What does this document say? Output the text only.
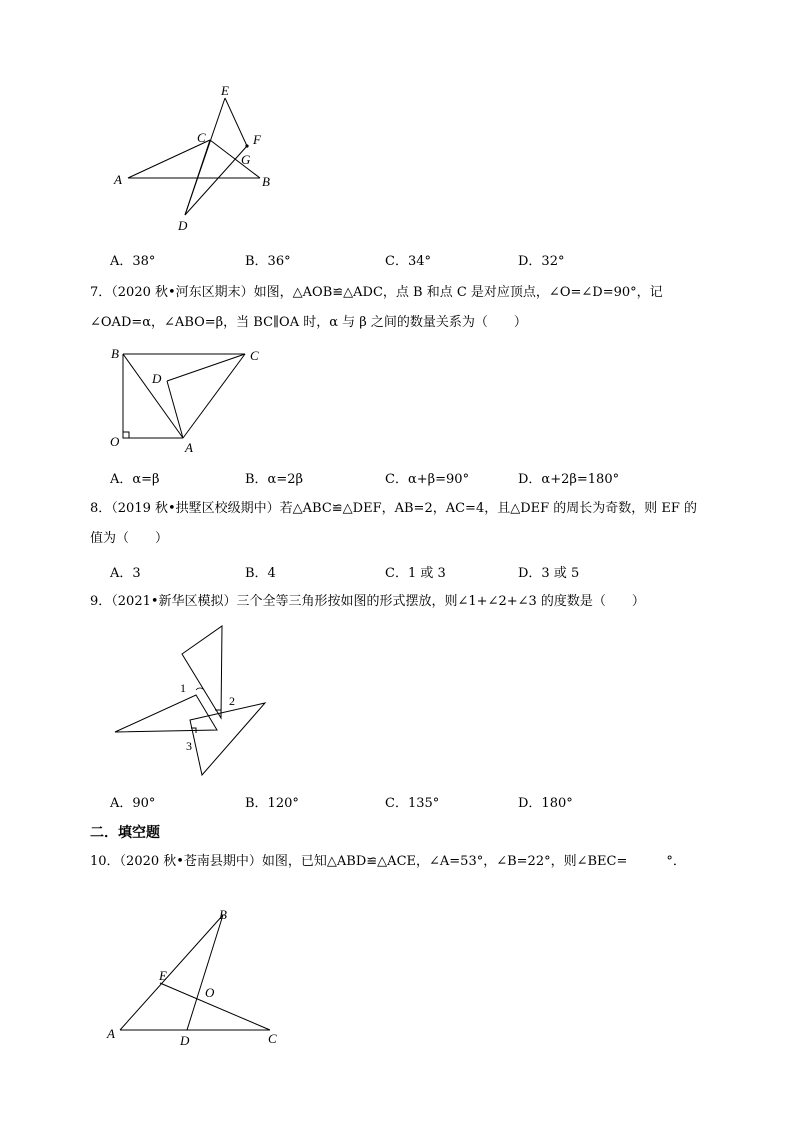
E
C	F
G
A	B
D
A．38°	B．36°	C．34°	D．32°
7．（2020 秋•河东区期末）如图，△AOB≌△ADC，点 B 和点 C 是对应顶点，∠O=∠D=90°，记∠OAD=α，∠ABO=β，当 BC∥OA 时，α 与 β 之间的数量关系为（　　）
B	C
D
O	A
A．α=β	B．α=2β	C．α+β=90°	D．α+2β=180°
8．（2019 秋•拱墅区校级期中）若△ABC≌△DEF，AB=2，AC=4，且△DEF 的周长为奇数，则 EF 的值为（　　）
A．3	B．4	C．1 或 3	D．3 或 5
9．（2021•新华区模拟）三个全等三角形按如图的形式摆放，则∠1+∠2+∠3 的度数是（　　）
1
2
3
A．90°	B．120°	C．135°	D．180°
二．填空题
10．（2020 秋•苍南县期中）如图，已知△ABD≌△ACE，∠A=53°，∠B=22°，则∠BEC=　　　°．
B
E
O
A	D	C
